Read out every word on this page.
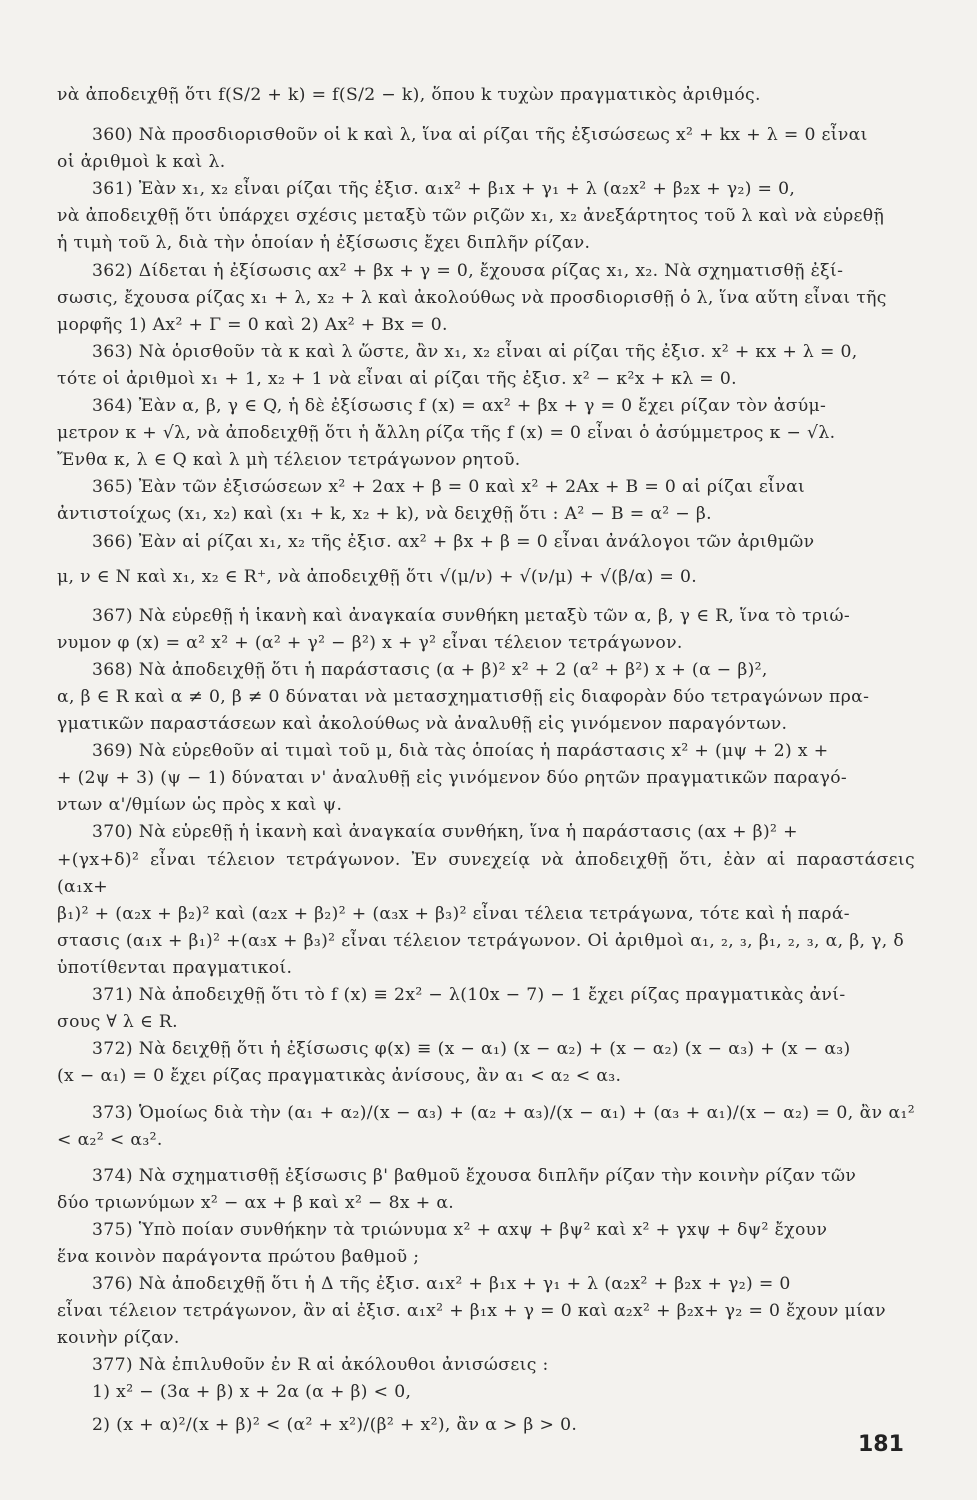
νὰ ἀποδειχθῇ ὅτι f(S/2 + k) = f(S/2 − k), ὅπου k τυχὼν πραγματικὸς ἀριθμός.

360) Νὰ προσδιορισθοῦν οἱ k καὶ λ, ἵνα αἱ ρίζαι τῆς ἐξισώσεως x² + kx + λ = 0 εἶναι

οἱ ἀριθμοὶ k καὶ λ.

361) Ἐὰν x₁, x₂ εἶναι ρίζαι τῆς ἐξισ. α₁x² + β₁x + γ₁ + λ (α₂x² + β₂x + γ₂) = 0,

νὰ ἀποδειχθῇ ὅτι ὑπάρχει σχέσις μεταξὺ τῶν ριζῶν x₁, x₂ ἀνεξάρτητος τοῦ λ καὶ νὰ εὑρεθῇ

ἡ τιμὴ τοῦ λ, διὰ τὴν ὁποίαν ἡ ἐξίσωσις ἔχει διπλῆν ρίζαν.

362) Δίδεται ἡ ἐξίσωσις αx² + βx + γ = 0, ἔχουσα ρίζας x₁, x₂. Νὰ σχηματισθῇ ἐξί-

σωσις, ἔχουσα ρίζας x₁ + λ, x₂ + λ καὶ ἀκολούθως νὰ προσδιορισθῇ ὁ λ, ἵνα αὕτη εἶναι τῆς

μορφῆς 1) Ax² + Γ = 0 καὶ 2) Ax² + Bx = 0.

363) Νὰ ὁρισθοῦν τὰ κ καὶ λ ὥστε, ἂν x₁, x₂ εἶναι αἱ ρίζαι τῆς ἐξισ. x² + κx + λ = 0,

τότε οἱ ἀριθμοὶ x₁ + 1, x₂ + 1 νὰ εἶναι αἱ ρίζαι τῆς ἐξισ. x² − κ²x + κλ = 0.

364) Ἐὰν α, β, γ ∈ Q, ἡ δὲ ἐξίσωσις f (x) = αx² + βx + γ = 0 ἔχει ρίζαν τὸν ἀσύμ-

μετρον κ + √λ, νὰ ἀποδειχθῇ ὅτι ἡ ἄλλη ρίζα τῆς f (x) = 0 εἶναι ὁ ἀσύμμετρος κ − √λ.

Ἔνθα κ, λ ∈ Q καὶ λ μὴ τέλειον τετράγωνον ρητοῦ.

365) Ἐὰν τῶν ἐξισώσεων x² + 2αx + β = 0 καὶ x² + 2Ax + B = 0 αἱ ρίζαι εἶναι

ἀντιστοίχως (x₁, x₂) καὶ (x₁ + k, x₂ + k), νὰ δειχθῇ ὅτι : A² − B = α² − β.

366) Ἐὰν αἱ ρίζαι x₁, x₂ τῆς ἐξισ. αx² + βx + β = 0 εἶναι ἀνάλογοι τῶν ἀριθμῶν

μ, ν ∈ N καὶ x₁, x₂ ∈ R⁺, νὰ ἀποδειχθῇ ὅτι √(μ/ν) + √(ν/μ) + √(β/α) = 0.

367) Νὰ εὑρεθῇ ἡ ἱκανὴ καὶ ἀναγκαία συνθήκη μεταξὺ τῶν α, β, γ ∈ R, ἵνα τὸ τριώ-

νυμον φ (x) = α² x² + (α² + γ² − β²) x + γ² εἶναι τέλειον τετράγωνον.

368) Νὰ ἀποδειχθῇ ὅτι ἡ παράστασις (α + β)² x² + 2 (α² + β²) x + (α − β)²,

α, β ∈ R καὶ α ≠ 0, β ≠ 0 δύναται νὰ μετασχηματισθῇ εἰς διαφορὰν δύο τετραγώνων πρα-

γματικῶν παραστάσεων καὶ ἀκολούθως νὰ ἀναλυθῇ εἰς γινόμενον παραγόντων.

369) Νὰ εὑρεθοῦν αἱ τιμαὶ τοῦ μ, διὰ τὰς ὁποίας ἡ παράστασις x² + (μψ + 2) x +

+ (2ψ + 3) (ψ − 1) δύναται ν' ἀναλυθῇ εἰς γινόμενον δύο ρητῶν πραγματικῶν παραγό-

ντων α'/θμίων ὡς πρὸς x καὶ ψ.

370) Νὰ εὑρεθῇ ἡ ἱκανὴ καὶ ἀναγκαία συνθήκη, ἵνα ἡ παράστασις (αx + β)² +

+(γx+δ)² εἶναι τέλειον τετράγωνον. Ἐν συνεχείᾳ νὰ ἀποδειχθῇ ὅτι, ἐὰν αἱ παραστάσεις (α₁x+

β₁)² + (α₂x + β₂)² καὶ (α₂x + β₂)² + (α₃x + β₃)² εἶναι τέλεια τετράγωνα, τότε καὶ ἡ παρά-

στασις (α₁x + β₁)² +(α₃x + β₃)² εἶναι τέλειον τετράγωνον. Οἱ ἀριθμοὶ α₁, ₂, ₃, β₁, ₂, ₃, α, β, γ, δ

ὑποτίθενται πραγματικοί.

371) Νὰ ἀποδειχθῇ ὅτι τὸ f (x) ≡ 2x² − λ(10x − 7) − 1 ἔχει ρίζας πραγματικὰς ἀνί-

σους ∀ λ ∈ R.

372) Νὰ δειχθῇ ὅτι ἡ ἐξίσωσις φ(x) ≡ (x − α₁) (x − α₂) + (x − α₂) (x − α₃) + (x − α₃)

(x − α₁) = 0 ἔχει ρίζας πραγματικὰς ἀνίσους, ἂν α₁ < α₂ < α₃.

373) Ὁμοίως διὰ τὴν (α₁ + α₂)/(x − α₃) + (α₂ + α₃)/(x − α₁) + (α₃ + α₁)/(x − α₂) = 0, ἂν α₁² < α₂² < α₃².

374) Νὰ σχηματισθῇ ἐξίσωσις β' βαθμοῦ ἔχουσα διπλῆν ρίζαν τὴν κοινὴν ρίζαν τῶν

δύο τριωνύμων x² − αx + β καὶ x² − 8x + α.

375) Ὑπὸ ποίαν συνθήκην τὰ τριώνυμα x² + αxψ + βψ² καὶ x² + γxψ + δψ² ἔχουν

ἕνα κοινὸν παράγοντα πρώτου βαθμοῦ ;

376) Νὰ ἀποδειχθῇ ὅτι ἡ Δ τῆς ἐξισ. α₁x² + β₁x + γ₁ + λ (α₂x² + β₂x + γ₂) = 0

εἶναι τέλειον τετράγωνον, ἂν αἱ ἐξισ. α₁x² + β₁x + γ = 0 καὶ α₂x² + β₂x+ γ₂ = 0 ἔχουν μίαν

κοινὴν ρίζαν.

377) Νὰ ἐπιλυθοῦν ἐν R αἱ ἀκόλουθοι ἀνισώσεις :

1) x² − (3α + β) x + 2α (α + β) < 0,

2) (x + α)²/(x + β)² < (α² + x²)/(β² + x²), ἂν α > β > 0.

181
